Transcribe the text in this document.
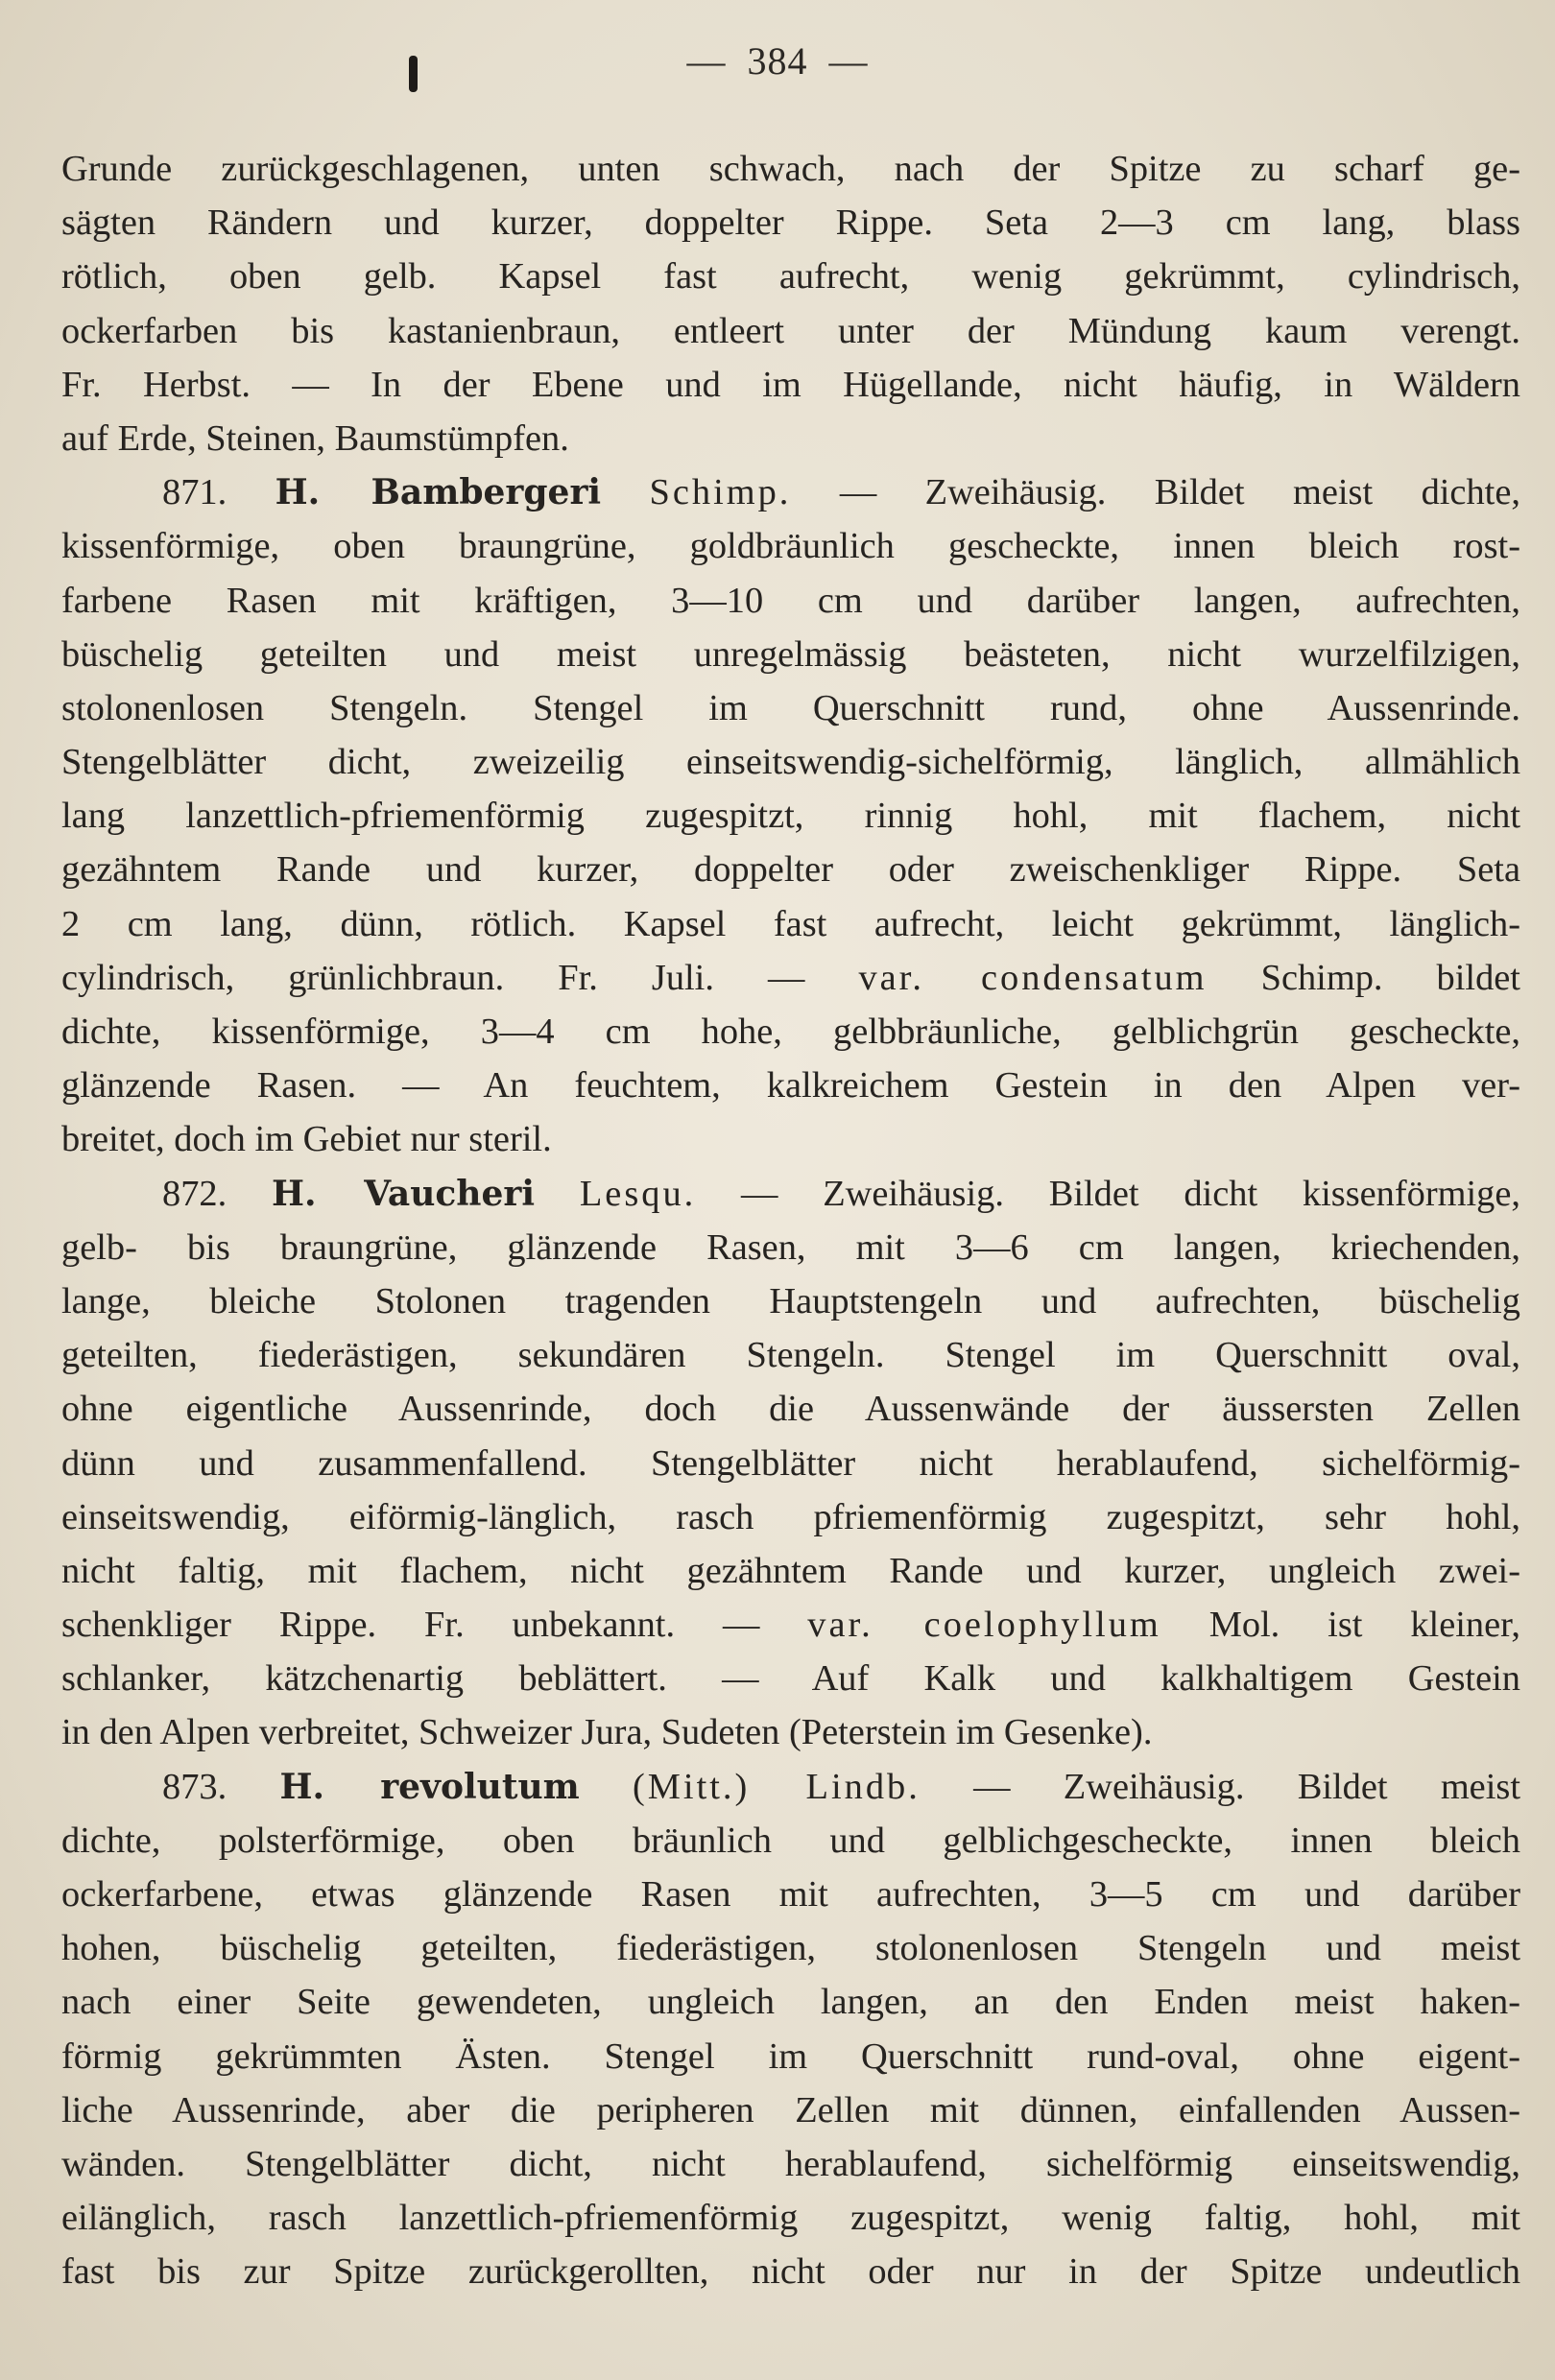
— 384 —
Grunde zurückgeschlagenen, unten schwach, nach der Spitze zu scharf ge-
sägten Rändern und kurzer, doppelter Rippe. Seta 2—3 cm lang, blass
rötlich, oben gelb. Kapsel fast aufrecht, wenig gekrümmt, cylindrisch,
ockerfarben bis kastanienbraun, entleert unter der Mündung kaum verengt.
Fr. Herbst. — In der Ebene und im Hügellande, nicht häufig, in Wäldern
auf Erde, Steinen, Baumstümpfen.
871. H. Bambergeri Schimp. — Zweihäusig. Bildet meist dichte,
kissenförmige, oben braungrüne, goldbräunlich gescheckte, innen bleich rost-
farbene Rasen mit kräftigen, 3—10 cm und darüber langen, aufrechten,
büschelig geteilten und meist unregelmässig beästeten, nicht wurzelfilzigen,
stolonenlosen Stengeln. Stengel im Querschnitt rund, ohne Aussenrinde.
Stengelblätter dicht, zweizeilig einseitswendig-sichelförmig, länglich, allmählich
lang lanzettlich-pfriemenförmig zugespitzt, rinnig hohl, mit flachem, nicht
gezähntem Rande und kurzer, doppelter oder zweischenkliger Rippe. Seta
2 cm lang, dünn, rötlich. Kapsel fast aufrecht, leicht gekrümmt, länglich-
cylindrisch, grünlichbraun. Fr. Juli. — var. condensatum Schimp. bildet
dichte, kissenförmige, 3—4 cm hohe, gelbbräunliche, gelblichgrün gescheckte,
glänzende Rasen. — An feuchtem, kalkreichem Gestein in den Alpen ver-
breitet, doch im Gebiet nur steril.
872. H. Vaucheri Lesqu. — Zweihäusig. Bildet dicht kissenförmige,
gelb- bis braungrüne, glänzende Rasen, mit 3—6 cm langen, kriechenden,
lange, bleiche Stolonen tragenden Hauptstengeln und aufrechten, büschelig
geteilten, fiederästigen, sekundären Stengeln. Stengel im Querschnitt oval,
ohne eigentliche Aussenrinde, doch die Aussenwände der äussersten Zellen
dünn und zusammenfallend. Stengelblätter nicht herablaufend, sichelförmig-
einseitswendig, eiförmig-länglich, rasch pfriemenförmig zugespitzt, sehr hohl,
nicht faltig, mit flachem, nicht gezähntem Rande und kurzer, ungleich zwei-
schenkliger Rippe. Fr. unbekannt. — var. coelophyllum Mol. ist kleiner,
schlanker, kätzchenartig beblättert. — Auf Kalk und kalkhaltigem Gestein
in den Alpen verbreitet, Schweizer Jura, Sudeten (Peterstein im Gesenke).
873. H. revolutum (Mitt.) Lindb. — Zweihäusig. Bildet meist
dichte, polsterförmige, oben bräunlich und gelblichgescheckte, innen bleich
ockerfarbene, etwas glänzende Rasen mit aufrechten, 3—5 cm und darüber
hohen, büschelig geteilten, fiederästigen, stolonenlosen Stengeln und meist
nach einer Seite gewendeten, ungleich langen, an den Enden meist haken-
förmig gekrümmten Ästen. Stengel im Querschnitt rund-oval, ohne eigent-
liche Aussenrinde, aber die peripheren Zellen mit dünnen, einfallenden Aussen-
wänden. Stengelblätter dicht, nicht herablaufend, sichelförmig einseitswendig,
eilänglich, rasch lanzettlich-pfriemenförmig zugespitzt, wenig faltig, hohl, mit
fast bis zur Spitze zurückgerollten, nicht oder nur in der Spitze undeutlich
